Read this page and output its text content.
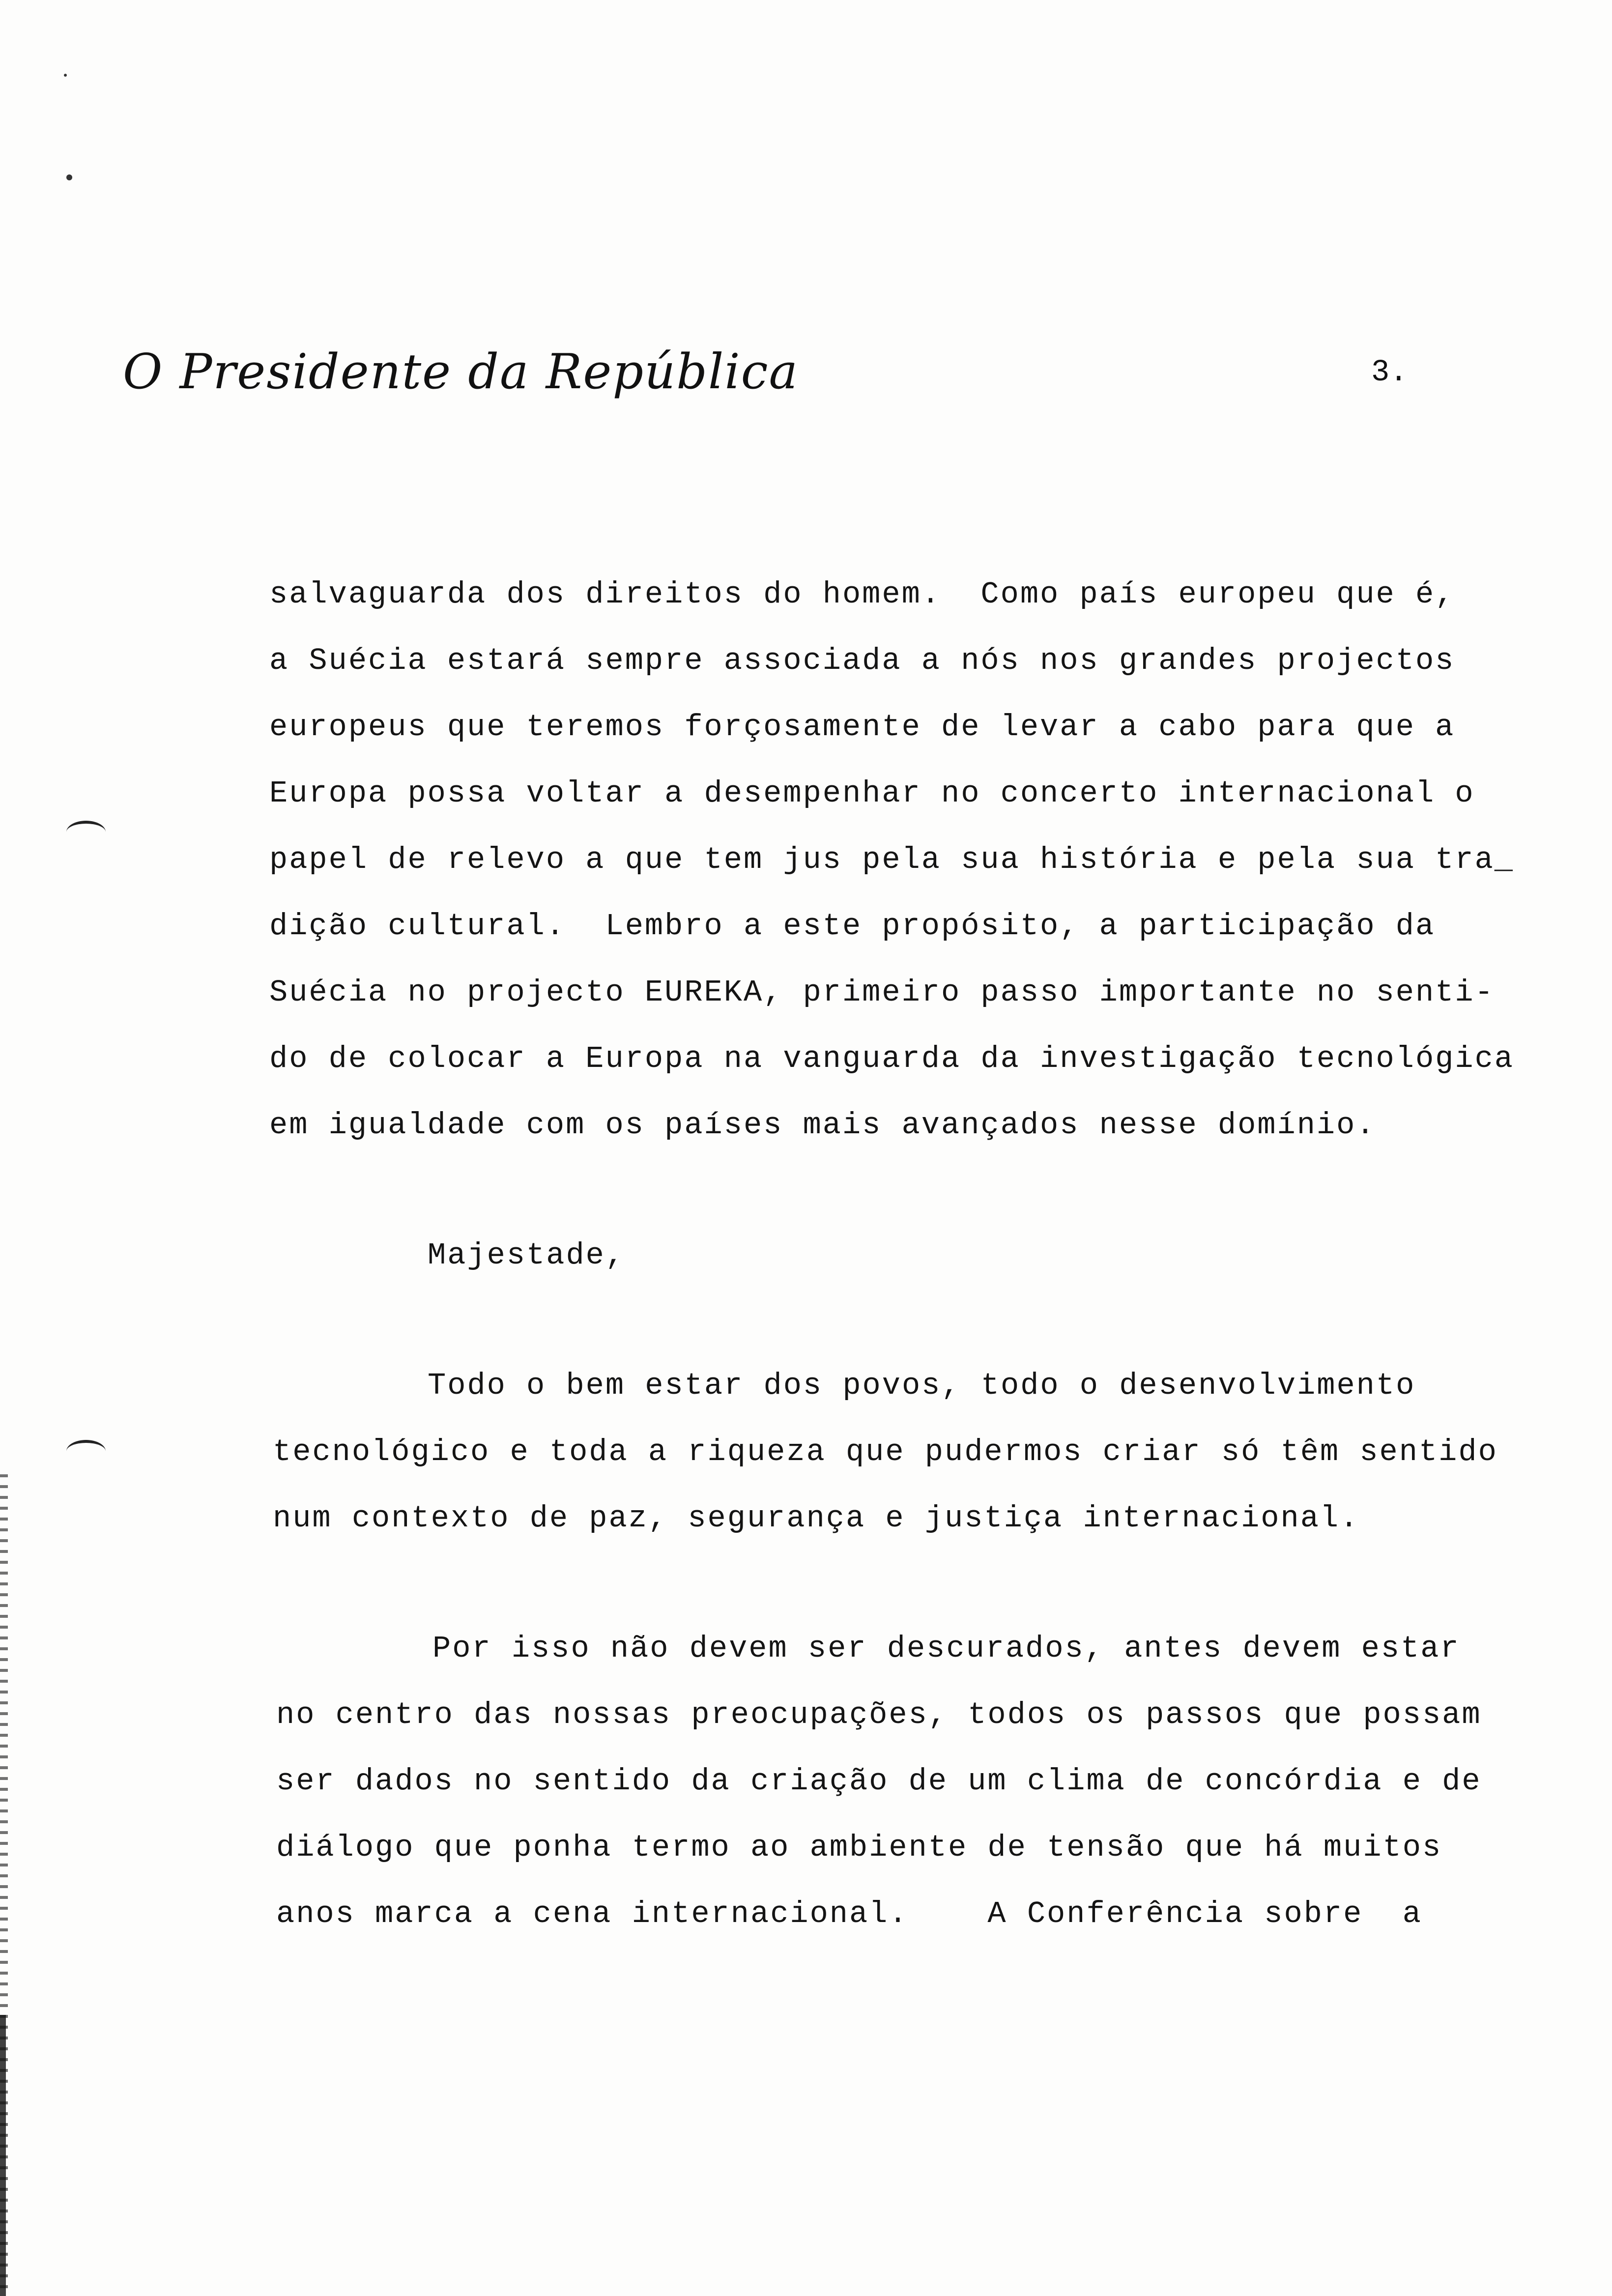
O Presidente da República	3.
salvaguarda dos direitos do homem.  Como país europeu que é,
a Suécia estará sempre associada a nós nos grandes projectos
europeus que teremos forçosamente de levar a cabo para que a
Europa possa voltar a desempenhar no concerto internacional o
papel de relevo a que tem jus pela sua história e pela sua tra_
dição cultural.  Lembro a este propósito, a participação da
Suécia no projecto EUREKA, primeiro passo importante no senti-
do de colocar a Europa na vanguarda da investigação tecnológica
em igualdade com os países mais avançados nesse domínio.
Majestade,
Todo o bem estar dos povos, todo o desenvolvimento
tecnológico e toda a riqueza que pudermos criar só têm sentido
num contexto de paz, segurança e justiça internacional.
Por isso não devem ser descurados, antes devem estar
no centro das nossas preocupações, todos os passos que possam
ser dados no sentido da criação de um clima de concórdia e de
diálogo que ponha termo ao ambiente de tensão que há muitos
anos marca a cena internacional.    A Conferência sobre  a
